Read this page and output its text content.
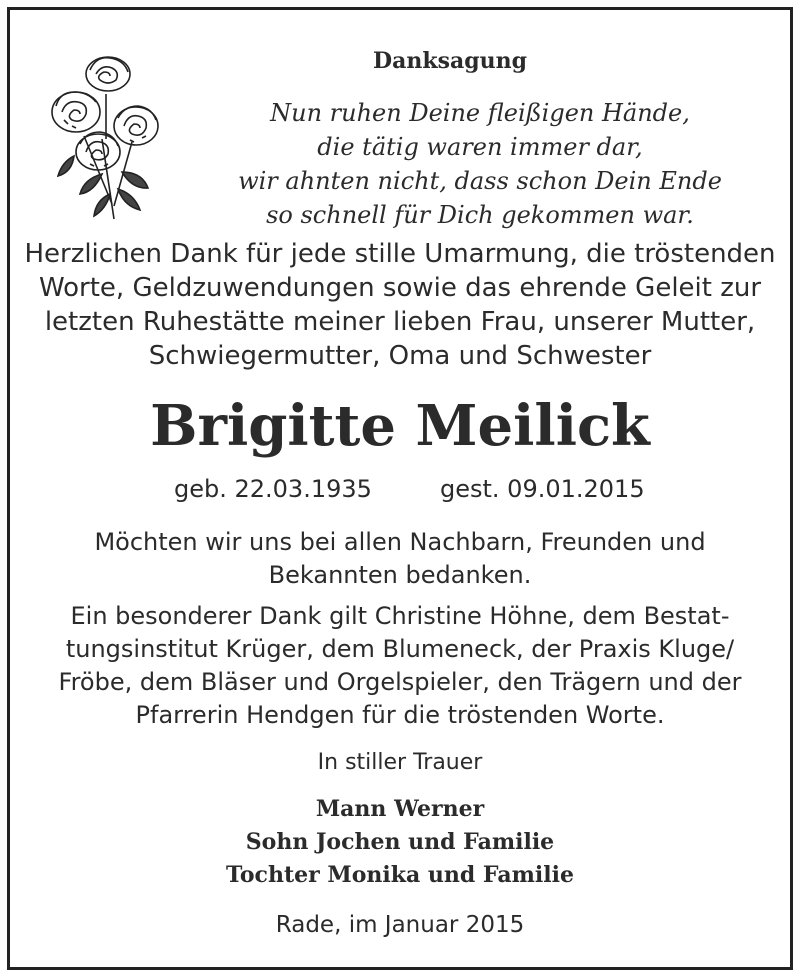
Danksagung
Nun ruhen Deine fleißigen Hände,
die tätig waren immer dar,
wir ahnten nicht, dass schon Dein Ende
so schnell für Dich gekommen war.
Herzlichen Dank für jede stille Umarmung, die tröstenden
Worte, Geldzuwendungen sowie das ehrende Geleit zur
letzten Ruhestätte meiner lieben Frau, unserer Mutter,
Schwiegermutter, Oma und Schwester
Brigitte Meilick
geb. 22.03.1935	gest. 09.01.2015
Möchten wir uns bei allen Nachbarn, Freunden und
Bekannten bedanken.
Ein besonderer Dank gilt Christine Höhne, dem Bestat-
tungsinstitut Krüger, dem Blumeneck, der Praxis Kluge/
Fröbe, dem Bläser und Orgelspieler, den Trägern und der
Pfarrerin Hendgen für die tröstenden Worte.
In stiller Trauer
Mann Werner
Sohn Jochen und Familie
Tochter Monika und Familie
Rade, im Januar 2015
